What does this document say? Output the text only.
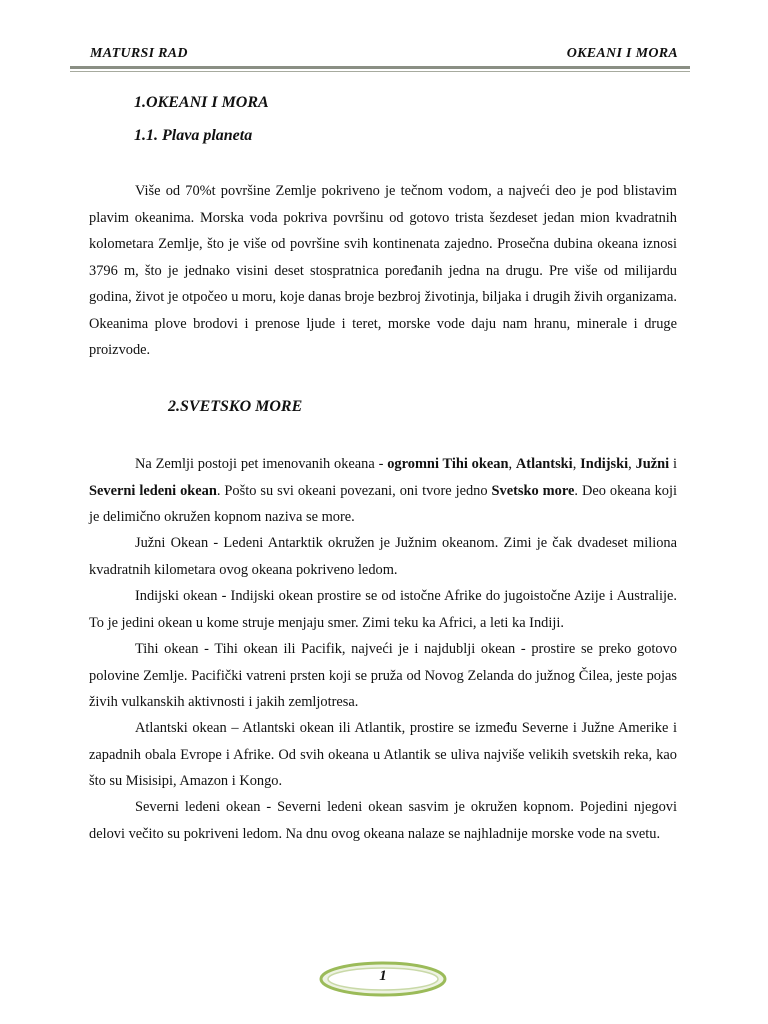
MATURSI RAD	OKEANI I MORA
1.OKEANI I MORA
1.1. Plava planeta

Više od 70%t površine Zemlje pokriveno je tečnom vodom, a najveći deo je pod blistavim plavim okeanima. Morska voda pokriva površinu od gotovo trista šezdeset jedan mion kvadratnih kolometara Zemlje, što je više od površine svih kontinenata zajedno. Prosečna dubina okeana iznosi 3796 m, što je jednako visini deset stospratnica poređanih jedna na drugu. Pre više od milijardu godina, život je otpočeo u moru, koje danas broje bezbroj životinja, biljaka i drugih živih organizama. Okeanima plove brodovi i prenose ljude i teret, morske vode daju nam hranu, minerale i druge proizvode.

2.SVETSKO MORE

Na Zemlji postoji pet imenovanih okeana - ogromni Tihi okean, Atlantski, Indijski, Južni i Severni ledeni okean. Pošto su svi okeani povezani, oni tvore jedno Svetsko more. Deo okeana koji je delimično okružen kopnom naziva se more.

Južni Okean - Ledeni Antarktik okružen je Južnim okeanom. Zimi je čak dvadeset miliona kvadratnih kilometara ovog okeana pokriveno ledom.

Indijski okean - Indijski okean prostire se od istočne Afrike do jugoistočne Azije i Australije. To je jedini okean u kome struje menjaju smer. Zimi teku ka Africi, a leti ka Indiji.

Tihi okean - Tihi okean ili Pacifik, najveći je i najdublji okean - prostire se preko gotovo polovine Zemlje. Pacifički vatreni prsten koji se pruža od Novog Zelanda do južnog Čilea, jeste pojas živih vulkanskih aktivnosti i jakih zemljotresa.

Atlantski okean – Atlantski okean ili Atlantik, prostire se između Severne i Južne Amerike i zapadnih obala Evrope i Afrike. Od svih okeana u Atlantik se uliva najviše velikih svetskih reka, kao što su Misisipi, Amazon i Kongo.

Severni ledeni okean - Severni ledeni okean sasvim je okružen kopnom. Pojedini njegovi delovi večito su pokriveni ledom. Na dnu ovog okeana nalaze se najhladnije morske vode na svetu.

1
